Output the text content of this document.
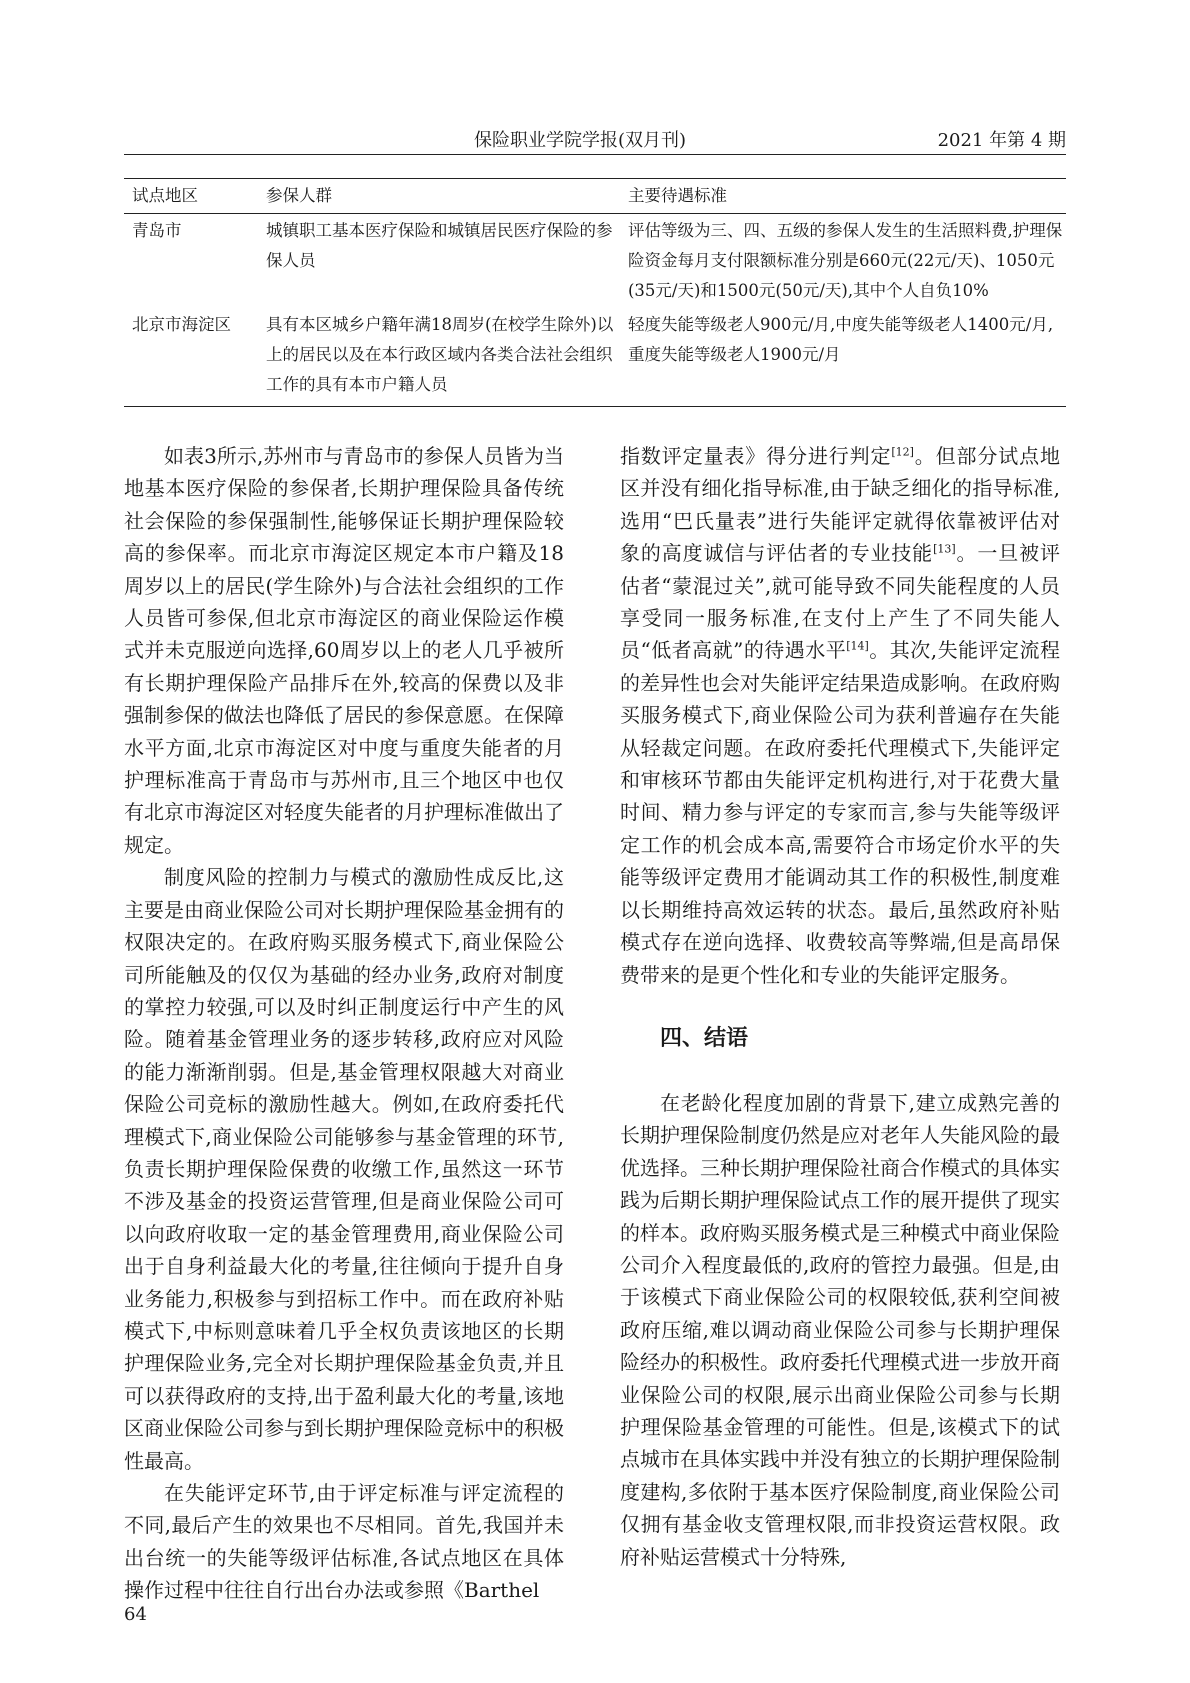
保险职业学院学报(双月刊)	2021 年第 4 期
试点地区	参保人群	主要待遇标准
青岛市	城镇职工基本医疗保险和城镇居民医疗保险的参保人员	评估等级为三、四、五级的参保人发生的生活照料费,护理保险资金每月支付限额标准分别是660元(22元/天)、1050元(35元/天)和1500元(50元/天),其中个人自负10%
北京市海淀区	具有本区城乡户籍年满18周岁(在校学生除外)以上的居民以及在本行政区域内各类合法社会组织工作的具有本市户籍人员	轻度失能等级老人900元/月,中度失能等级老人1400元/月,重度失能等级老人1900元/月

如表3所示,苏州市与青岛市的参保人员皆为当地基本医疗保险的参保者,长期护理保险具备传统社会保险的参保强制性,能够保证长期护理保险较高的参保率。而北京市海淀区规定本市户籍及18周岁以上的居民(学生除外)与合法社会组织的工作人员皆可参保,但北京市海淀区的商业保险运作模式并未克服逆向选择,60周岁以上的老人几乎被所有长期护理保险产品排斥在外,较高的保费以及非强制参保的做法也降低了居民的参保意愿。在保障水平方面,北京市海淀区对中度与重度失能者的月护理标准高于青岛市与苏州市,且三个地区中也仅有北京市海淀区对轻度失能者的月护理标准做出了规定。

制度风险的控制力与模式的激励性成反比,这主要是由商业保险公司对长期护理保险基金拥有的权限决定的。在政府购买服务模式下,商业保险公司所能触及的仅仅为基础的经办业务,政府对制度的掌控力较强,可以及时纠正制度运行中产生的风险。随着基金管理业务的逐步转移,政府应对风险的能力渐渐削弱。但是,基金管理权限越大对商业保险公司竞标的激励性越大。例如,在政府委托代理模式下,商业保险公司能够参与基金管理的环节,负责长期护理保险保费的收缴工作,虽然这一环节不涉及基金的投资运营管理,但是商业保险公司可以向政府收取一定的基金管理费用,商业保险公司出于自身利益最大化的考量,往往倾向于提升自身业务能力,积极参与到招标工作中。而在政府补贴模式下,中标则意味着几乎全权负责该地区的长期护理保险业务,完全对长期护理保险基金负责,并且可以获得政府的支持,出于盈利最大化的考量,该地区商业保险公司参与到长期护理保险竞标中的积极性最高。

在失能评定环节,由于评定标准与评定流程的不同,最后产生的效果也不尽相同。首先,我国并未出台统一的失能等级评估标准,各试点地区在具体操作过程中往往自行出台办法或参照《Barthel

指数评定量表》得分进行判定[12]。但部分试点地区并没有细化指导标准,由于缺乏细化的指导标准,选用“巴氏量表”进行失能评定就得依靠被评估对象的高度诚信与评估者的专业技能[13]。一旦被评估者“蒙混过关”,就可能导致不同失能程度的人员享受同一服务标准,在支付上产生了不同失能人员“低者高就”的待遇水平[14]。其次,失能评定流程的差异性也会对失能评定结果造成影响。在政府购买服务模式下,商业保险公司为获利普遍存在失能从轻裁定问题。在政府委托代理模式下,失能评定和审核环节都由失能评定机构进行,对于花费大量时间、精力参与评定的专家而言,参与失能等级评定工作的机会成本高,需要符合市场定价水平的失能等级评定费用才能调动其工作的积极性,制度难以长期维持高效运转的状态。最后,虽然政府补贴模式存在逆向选择、收费较高等弊端,但是高昂保费带来的是更个性化和专业的失能评定服务。

四、结语

在老龄化程度加剧的背景下,建立成熟完善的长期护理保险制度仍然是应对老年人失能风险的最优选择。三种长期护理保险社商合作模式的具体实践为后期长期护理保险试点工作的展开提供了现实的样本。政府购买服务模式是三种模式中商业保险公司介入程度最低的,政府的管控力最强。但是,由于该模式下商业保险公司的权限较低,获利空间被政府压缩,难以调动商业保险公司参与长期护理保险经办的积极性。政府委托代理模式进一步放开商业保险公司的权限,展示出商业保险公司参与长期护理保险基金管理的可能性。但是,该模式下的试点城市在具体实践中并没有独立的长期护理保险制度建构,多依附于基本医疗保险制度,商业保险公司仅拥有基金收支管理权限,而非投资运营权限。政府补贴运营模式十分特殊,

64
